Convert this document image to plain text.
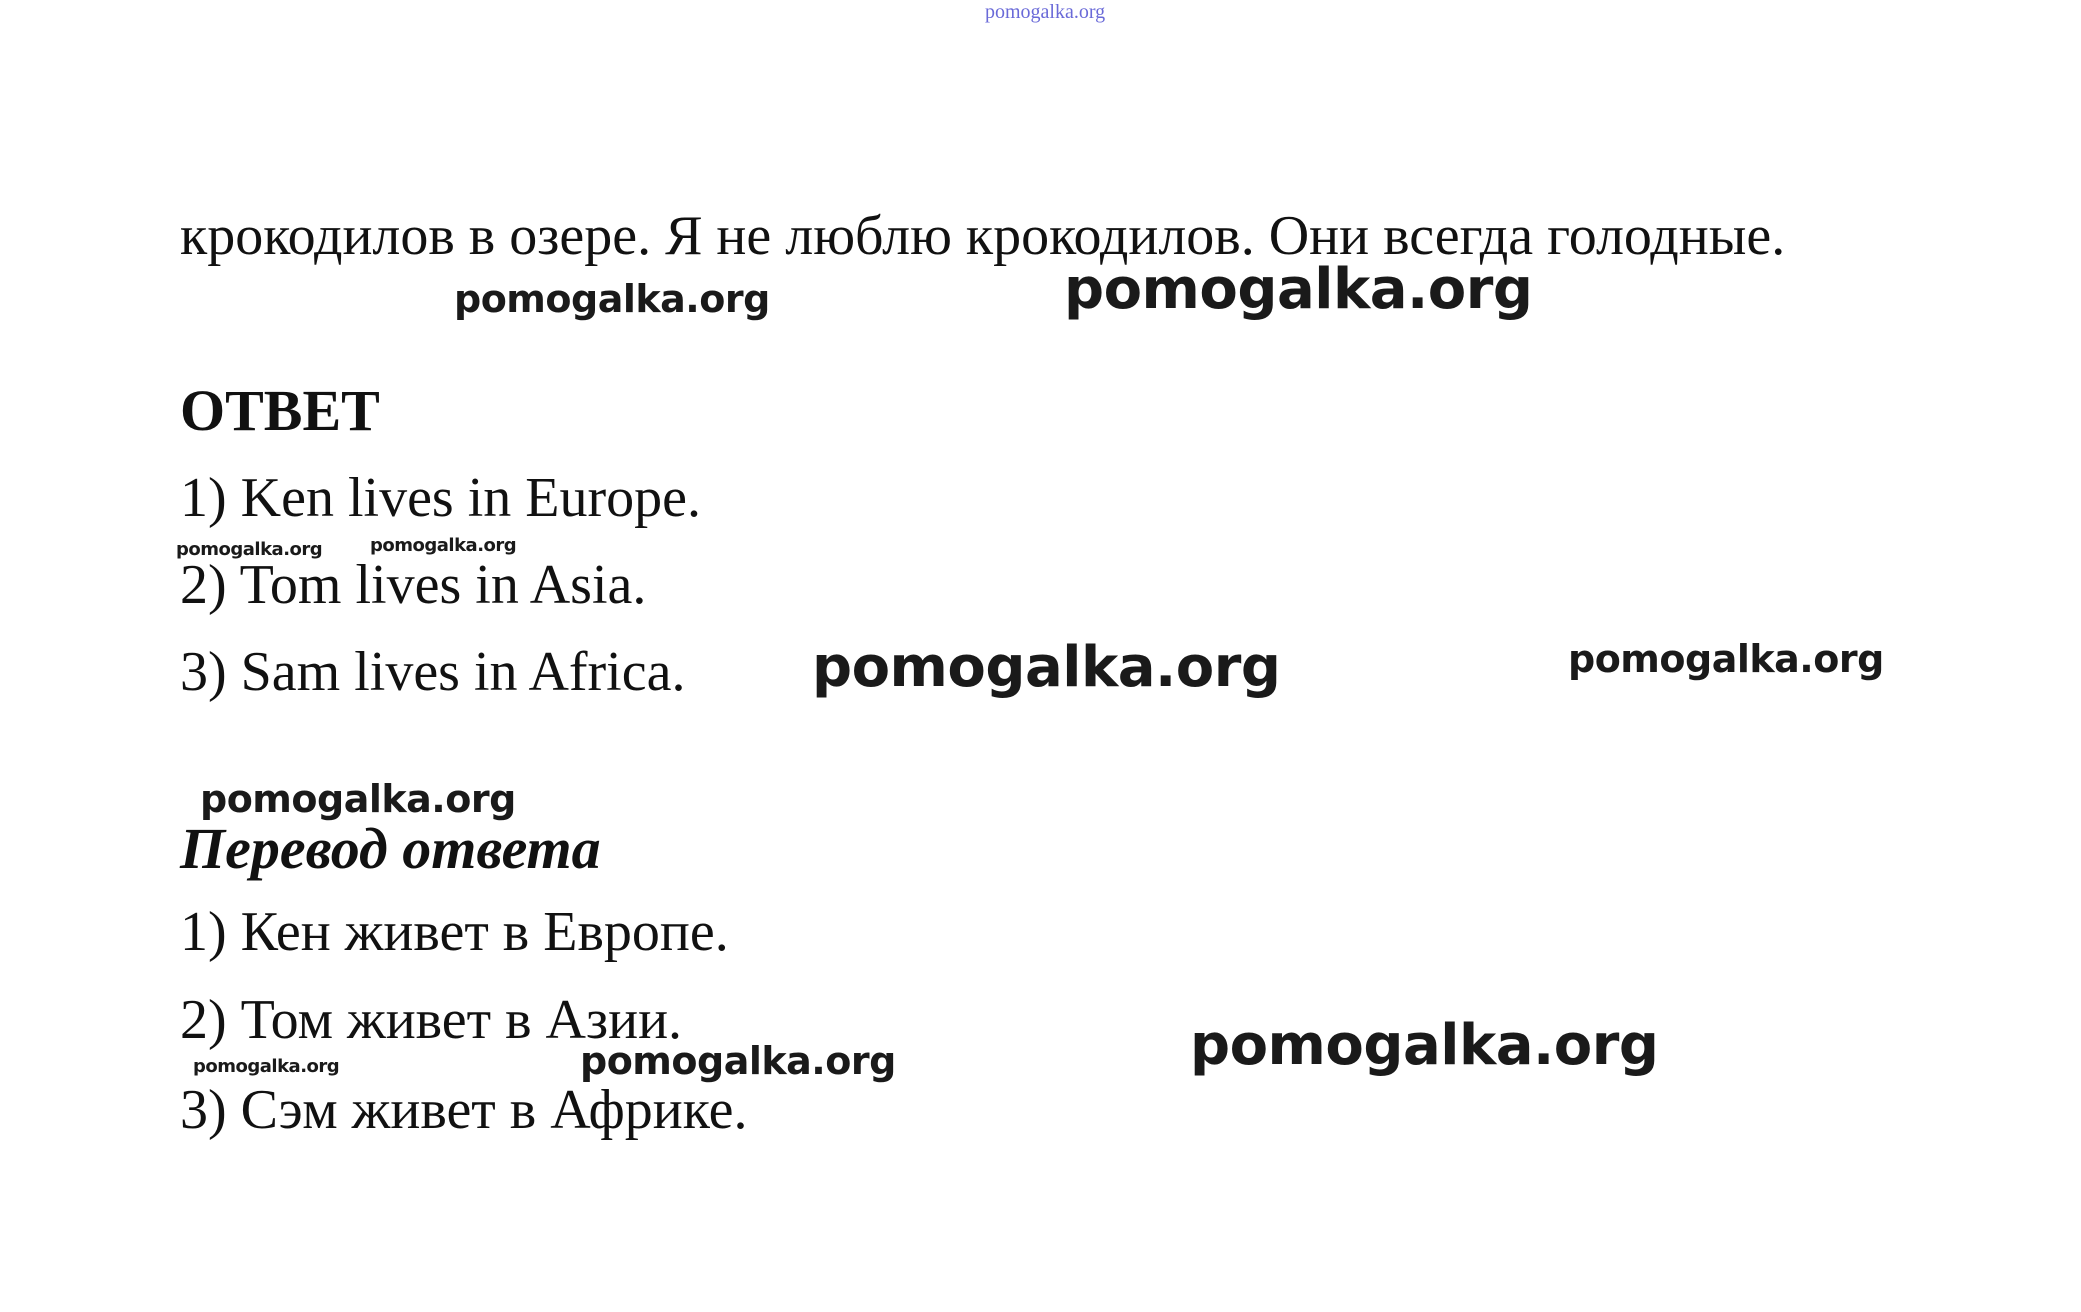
pomogalka.org
крокодилов в озере. Я не люблю крокодилов. Они всегда голодные.
ОТВЕТ
1) Ken lives in Europe.
2) Tom lives in Asia.
3) Sam lives in Africa.
Перевод ответа
1) Кен живет в Европе.
2) Том живет в Азии.
3) Сэм живет в Африке.
pomogalka.org	pomogalka.org
pomogalka.org	pomogalka.org
pomogalka.org	pomogalka.org
pomogalka.org
pomogalka.org	pomogalka.org	pomogalka.org
